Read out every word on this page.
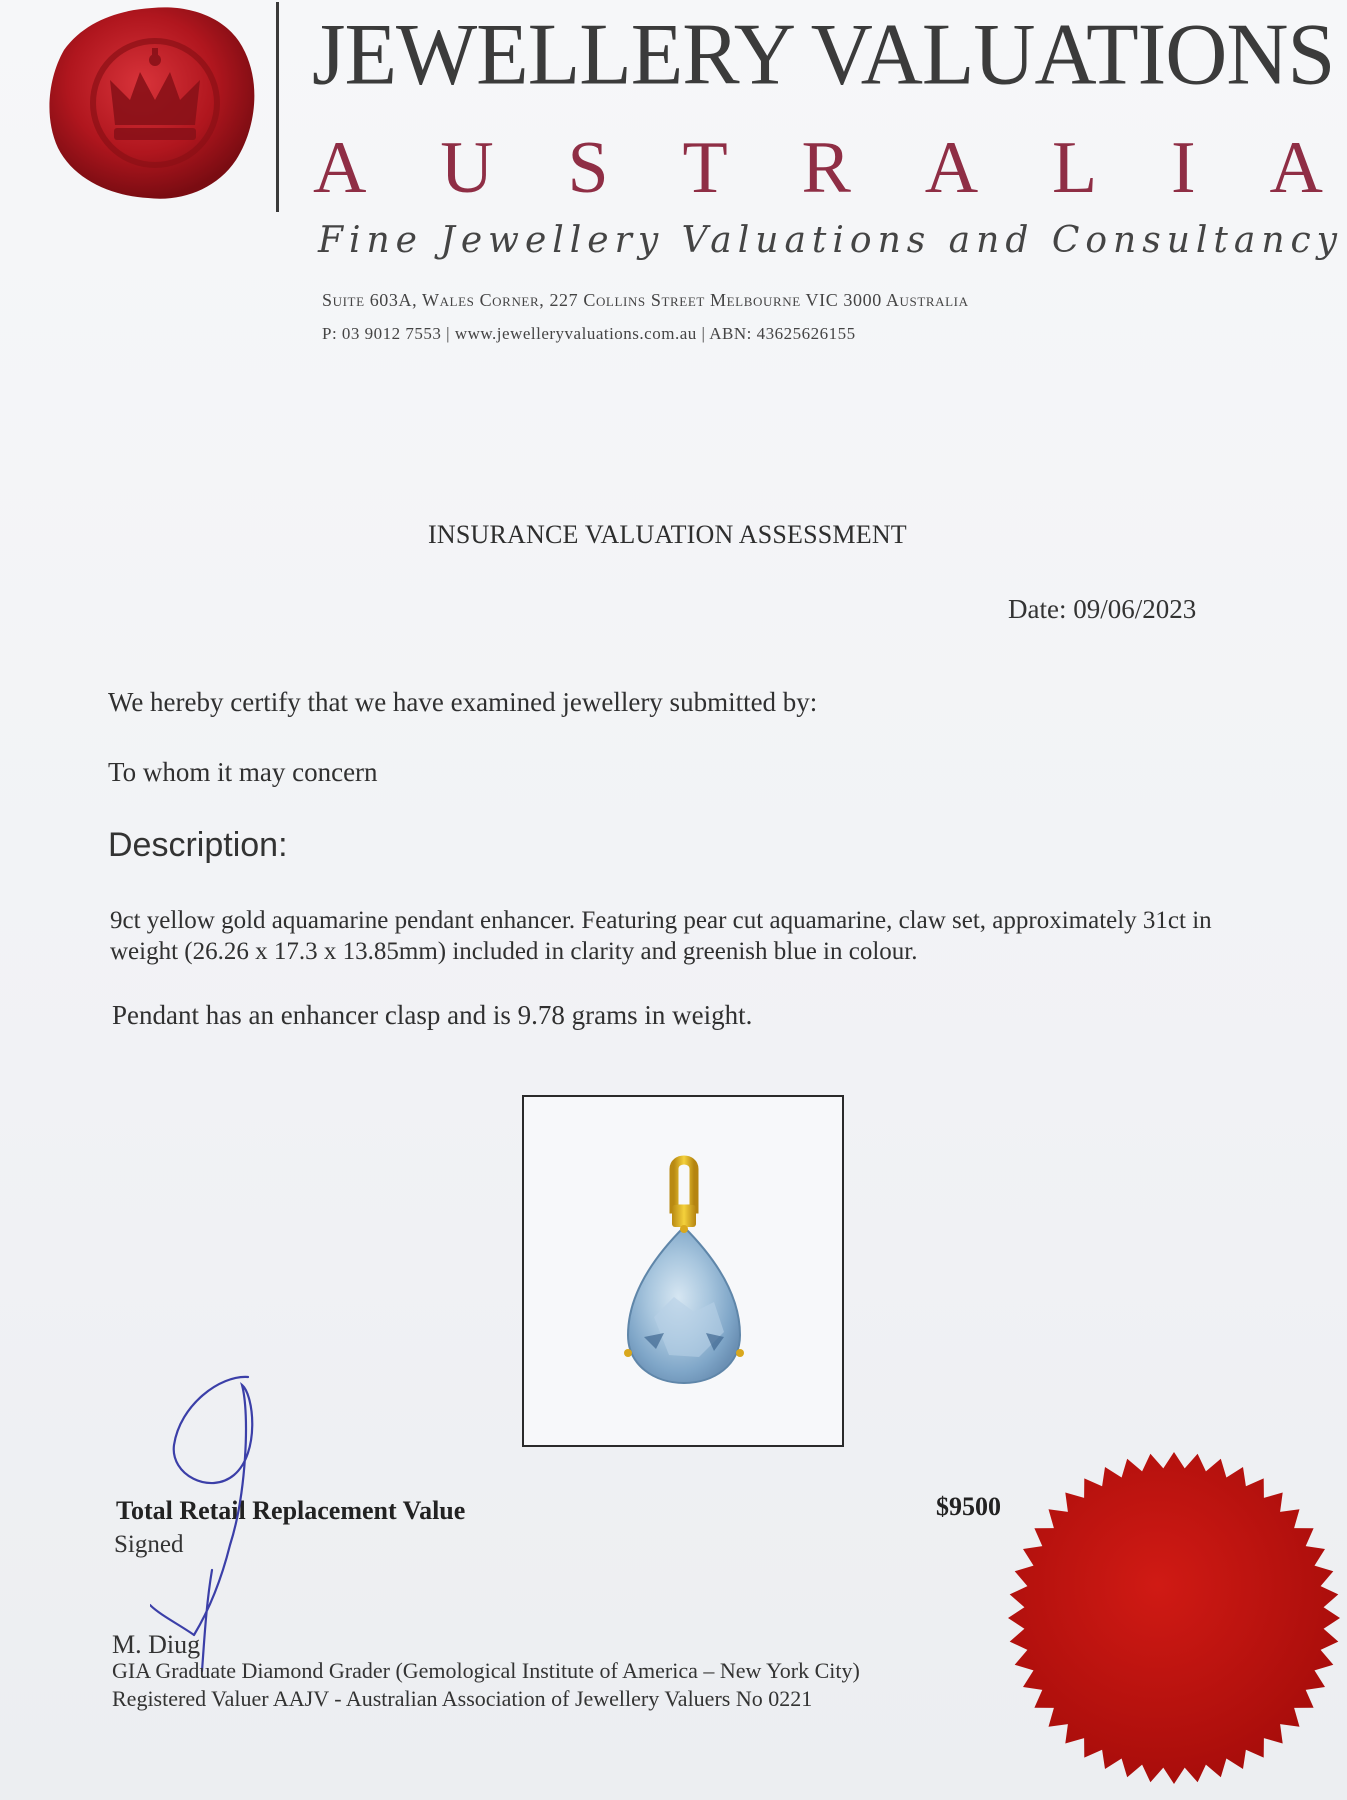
JEWELLERY VALUATIONS
A U S T R A L I A
Fine Jewellery Valuations and Consultancy
Suite 603A, Wales Corner, 227 Collins Street Melbourne VIC 3000 Australia
P: 03 9012 7553 | www.jewelleryvaluations.com.au | ABN: 43625626155
INSURANCE VALUATION ASSESSMENT
Date: 09/06/2023
We hereby certify that we have examined jewellery submitted by:
To whom it may concern
Description:
9ct yellow gold aquamarine pendant enhancer. Featuring pear cut aquamarine, claw set, approximately 31ct in weight (26.26 x 17.3 x 13.85mm) included in clarity and greenish blue in colour.
Pendant has an enhancer clasp and is 9.78 grams in weight.
Total Retail Replacement Value	$9500
Signed
M. Diug
GIA Graduate Diamond Grader (Gemological Institute of America – New York City)
Registered Valuer AAJV - Australian Association of Jewellery Valuers No 0221
